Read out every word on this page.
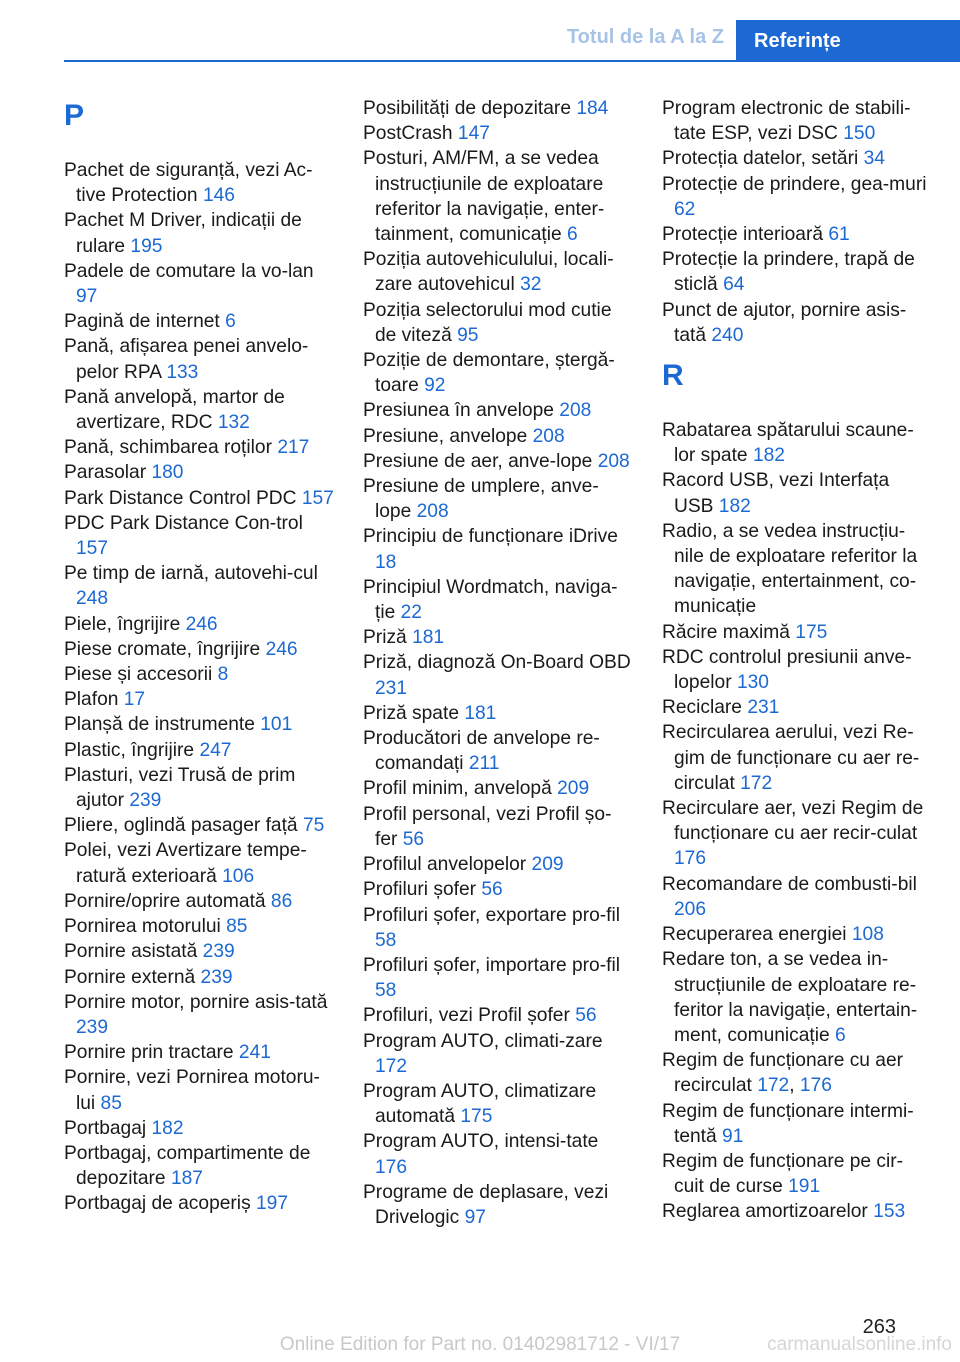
Totul de la A la Z Referințe
P
Pachet de siguranță, vezi Ac‐tive Protection 146
Pachet M Driver, indicații de rulare 195
Padele de comutare la vo‐lan 97
Pagină de internet 6
Pană, afișarea penei anvelo‐pelor RPA 133
Pană anvelopă, martor de avertizare, RDC 132
Pană, schimbarea roților 217
Parasolar 180
Park Distance Control PDC 157
PDC Park Distance Con‐trol 157
Pe timp de iarnă, autovehi‐cul 248
Piele, îngrijire 246
Piese cromate, îngrijire 246
Piese și accesorii 8
Plafon 17
Planșă de instrumente 101
Plastic, îngrijire 247
Plasturi, vezi Trusă de prim ajutor 239
Pliere, oglindă pasager față 75
Polei, vezi Avertizare tempe‐ratură exterioară 106
Pornire/oprire automată 86
Pornirea motorului 85
Pornire asistată 239
Pornire externă 239
Pornire motor, pornire asis‐tată 239
Pornire prin tractare 241
Pornire, vezi Pornirea motoru‐lui 85
Portbagaj 182
Portbagaj, compartimente de depozitare 187
Portbagaj de acoperiș 197
Posibilități de depozitare 184
PostCrash 147
Posturi, AM/FM, a se vedea instrucțiunile de exploatare referitor la navigație, enter‐tainment, comunicație 6
Poziția autovehiculului, locali‐zare autovehicul 32
Poziția selectorului mod cutie de viteză 95
Poziție de demontare, șter​gă‐toare 92
Presiunea în anvelope 208
Presiune, anvelope 208
Presiune de aer, anve‐lope 208
Presiune de umplere, anve‐lope 208
Principiu de funcționare iDrive 18
Principiul Wordmatch, naviga‐ție 22
Priză 181
Priză, diagnoză On-Board OBD 231
Priză spate 181
Producători de anvelope re‐comandați 211
Profil minim, anvelopă 209
Profil personal, vezi Profil șo‐fer 56
Profilul anvelopelor 209
Profiluri șofer 56
Profiluri șofer, exportare pro‐fil 58
Profiluri șofer, importare pro‐fil 58
Profiluri, vezi Profil șofer 56
Program AUTO, climati‐zare 172
Program AUTO, climatizare automată 175
Program AUTO, intensi‐tate 176
Programe de deplasare, vezi Drivelogic 97
Program electronic de stabili‐tate ESP, vezi DSC 150
Protecția datelor, setări 34
Protecție de prindere, gea‐muri 62
Protecție interioară 61
Protecție la prindere, trapă de sticlă 64
Punct de ajutor, pornire asis‐tată 240
R
Rabatarea spătarului scaune‐lor spate 182
Racord USB, vezi Interfața USB 182
Radio, a se vedea instrucțiu‐nile de exploatare referitor la navigație, entertainment, co‐municație
Răcire maximă 175
RDC controlul presiunii anve‐lopelor 130
Reciclare 231
Recircularea aerului, vezi Re‐gim de funcționare cu aer re‐circulat 172
Recirculare aer, vezi Regim de funcționare cu aer recir‐culat 176
Recomandare de combusti‐bil 206
Recuperarea energiei 108
Redare ton, a se vedea in‐strucțiunile de exploatare re‐feritor la navigație, entertain‐ment, comunicație 6
Regim de funcționare cu aer recirculat 172, 176
Regim de funcționare intermi‐tentă 91
Regim de funcționare pe cir‐cuit de curse 191
Reglarea amortizoarelor 153
263
Online Edition for Part no. 01402981712 - VI/17	carmanualsonline.info
